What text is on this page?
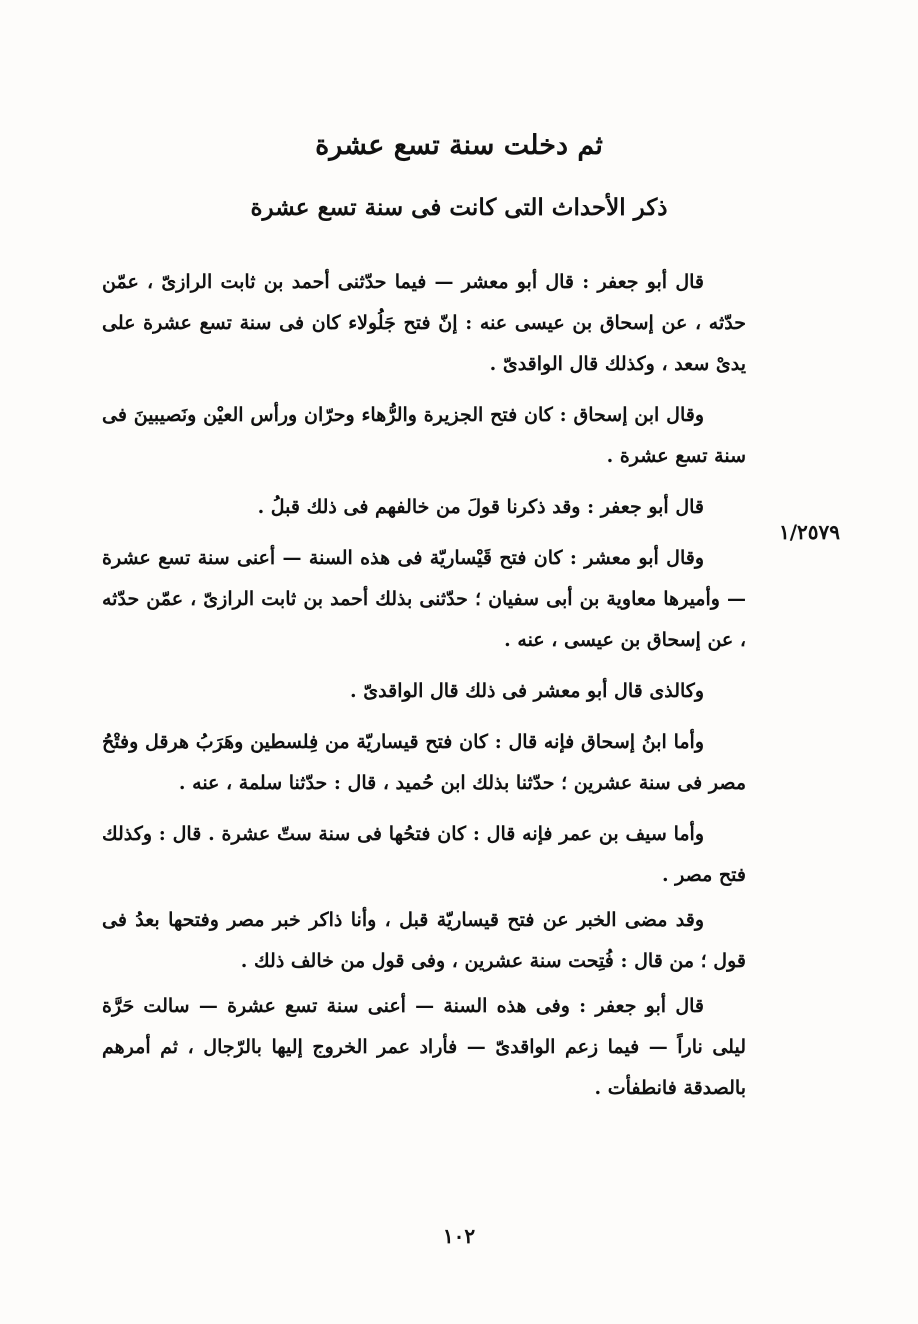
ثم دخلت سنة تسع عشرة
ذكر الأحداث التى كانت فى سنة تسع عشرة
١/٢٥٧٩

قال أبو جعفر : قال أبو معشر — فيما حدّثنى أحمد بن ثابت الرازىّ ، عمّن حدّثه ، عن إسحاق بن عيسى عنه : إنّ فتح جَلُولاء كان فى سنة تسع عشرة على يدىْ سعد ، وكذلك قال الواقدىّ .

وقال ابن إسحاق : كان فتح الجزيرة والرُّهاء وحرّان ورأس العيْن ونَصيبينَ فى سنة تسع عشرة .

قال أبو جعفر : وقد ذكرنا قولَ من خالفهم فى ذلك قبلُ .

وقال أبو معشر : كان فتح قَيْساريّة فى هذه السنة — أعنى سنة تسع عشرة — وأميرها معاوية بن أبى سفيان ؛ حدّثنى بذلك أحمد بن ثابت الرازىّ ، عمّن حدّثه ، عن إسحاق بن عيسى ، عنه .

وكالذى قال أبو معشر فى ذلك قال الواقدىّ .

وأما ابنُ إسحاق فإنه قال : كان فتح قيساريّة من فِلسطين وهَرَبُ هرقل وفتْحُ مصر فى سنة عشرين ؛ حدّثنا بذلك ابن حُميد ، قال : حدّثنا سلمة ، عنه .

وأما سيف بن عمر فإنه قال : كان فتحُها فى سنة ستّ عشرة . قال : وكذلك فتح مصر .

وقد مضى الخبر عن فتح قيساريّة قبل ، وأنا ذاكر خبر مصر وفتحها بعدُ فى قول ؛ من قال : فُتِحت سنة عشرين ، وفى قول من خالف ذلك .

قال أبو جعفر : وفى هذه السنة — أعنى سنة تسع عشرة — سالت حَرَّة ليلى ناراً — فيما زعم الواقدىّ — فأراد عمر الخروج إليها بالرّجال ، ثم أمرهم بالصدقة فانطفأت .

١٠٢
